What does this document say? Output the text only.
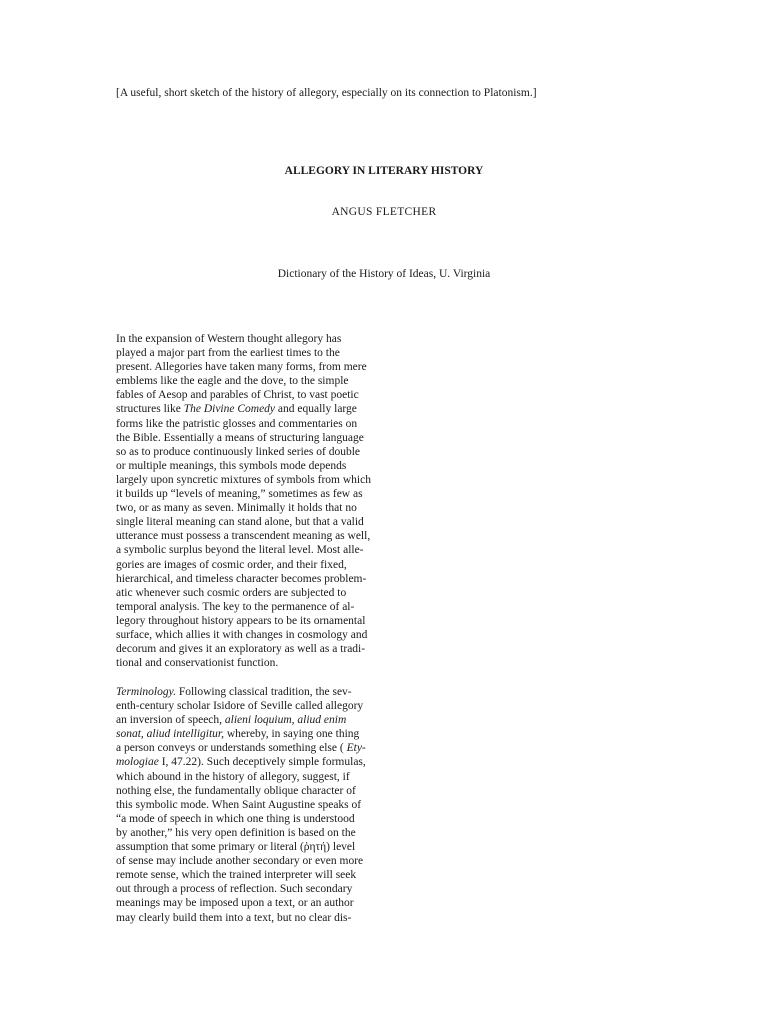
[A useful, short sketch of the history of allegory, especially on its connection to Platonism.]
ALLEGORY IN LITERARY HISTORY
ANGUS FLETCHER
Dictionary of the History of Ideas, U. Virginia
In the expansion of Western thought allegory has
played a major part from the earliest times to the
present. Allegories have taken many forms, from mere
emblems like the eagle and the dove, to the simple
fables of Aesop and parables of Christ, to vast poetic
structures like The Divine Comedy and equally large
forms like the patristic glosses and commentaries on
the Bible. Essentially a means of structuring language
so as to produce continuously linked series of double
or multiple meanings, this symbols mode depends
largely upon syncretic mixtures of symbols from which
it builds up “levels of meaning,” sometimes as few as
two, or as many as seven. Minimally it holds that no
single literal meaning can stand alone, but that a valid
utterance must possess a transcendent meaning as well,
a symbolic surplus beyond the literal level. Most alle-
gories are images of cosmic order, and their fixed,
hierarchical, and timeless character becomes problem-
atic whenever such cosmic orders are subjected to
temporal analysis. The key to the permanence of al-
legory throughout history appears to be its ornamental
surface, which allies it with changes in cosmology and
decorum and gives it an exploratory as well as a tradi-
tional and conservationist function.
Terminology. Following classical tradition, the sev-
enth-century scholar Isidore of Seville called allegory
an inversion of speech, alieni loquium, aliud enim
sonat, aliud intelligitur, whereby, in saying one thing
a person conveys or understands something else ( Ety-
mologiae I, 47.22). Such deceptively simple formulas,
which abound in the history of allegory, suggest, if
nothing else, the fundamentally oblique character of
this symbolic mode. When Saint Augustine speaks of
“a mode of speech in which one thing is understood
by another,” his very open definition is based on the
assumption that some primary or literal (ῥητή) level
of sense may include another secondary or even more
remote sense, which the trained interpreter will seek
out through a process of reflection. Such secondary
meanings may be imposed upon a text, or an author
may clearly build them into a text, but no clear dis-
